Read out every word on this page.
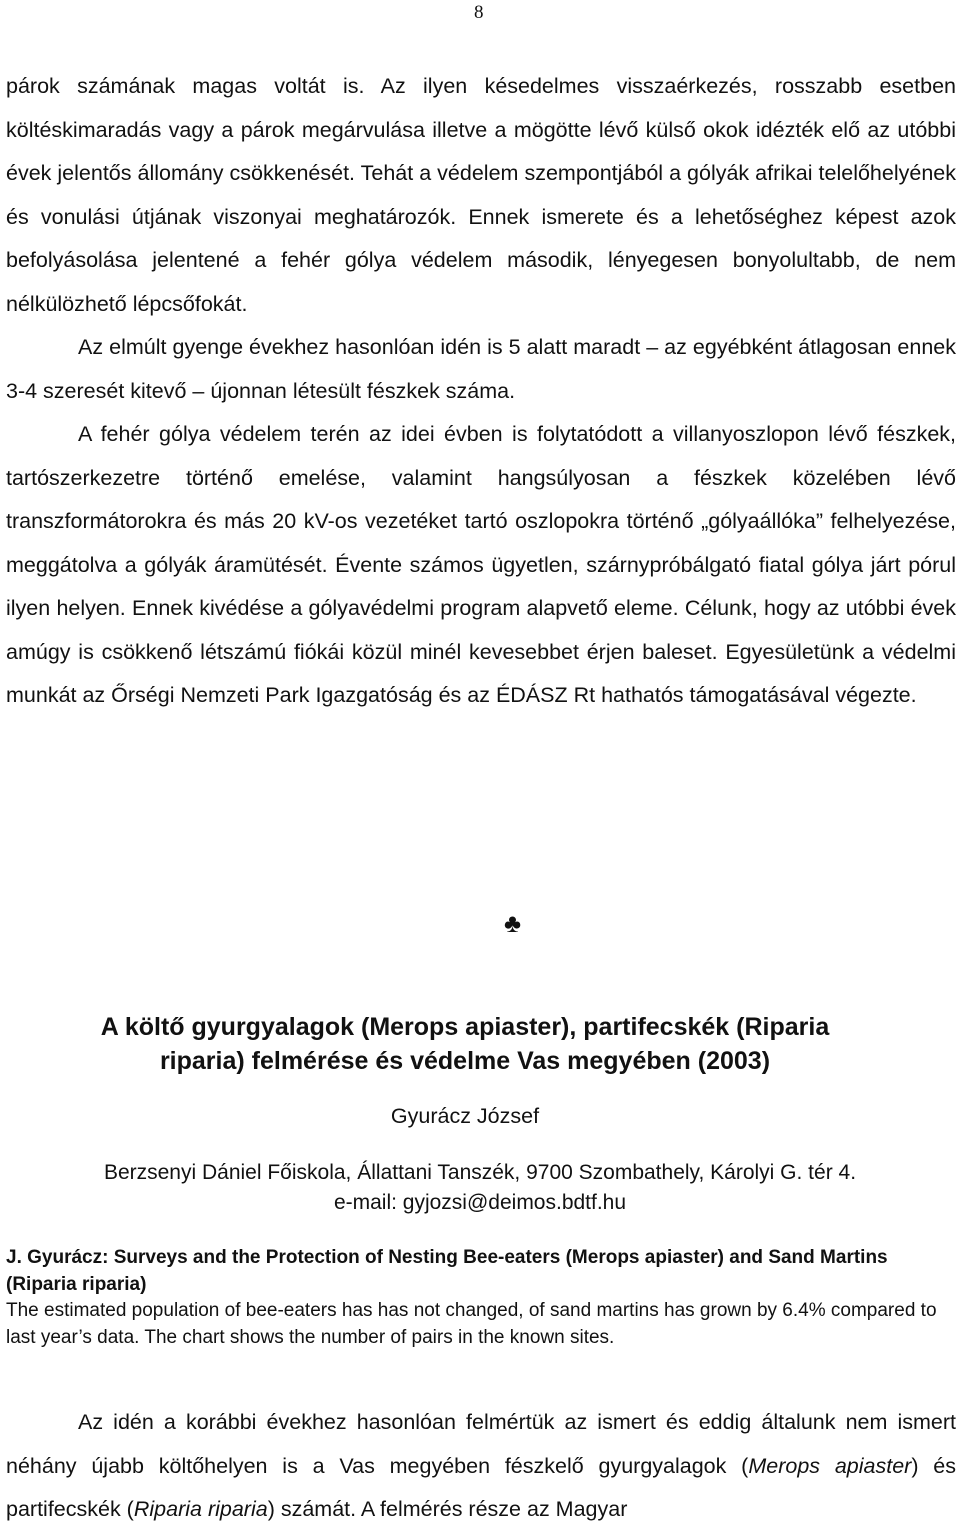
8

párok számának magas voltát is. Az ilyen késedelmes visszaérkezés, rosszabb esetben költéskimaradás vagy a párok megárvulása illetve a mögötte lévő külső okok idézték elő az utóbbi évek jelentős állomány csökkenését. Tehát a védelem szempontjából a gólyák afrikai telelőhelyének és vonulási útjának viszonyai meghatározók. Ennek ismerete és a lehetőséghez képest azok befolyásolása jelentené a fehér gólya védelem második, lényegesen bonyolultabb, de nem nélkülözhető lépcsőfokát.

Az elmúlt gyenge évekhez hasonlóan idén is 5 alatt maradt – az egyébként átlagosan ennek 3-4 szeresét kitevő – újonnan létesült fészkek száma.

A fehér gólya védelem terén az idei évben is folytatódott a villanyoszlopon lévő fészkek, tartószerkezetre történő emelése, valamint hangsúlyosan a fészkek közelében lévő transzformátorokra és más 20 kV-os vezetéket tartó oszlopokra történő „gólyaállóka” felhelyezése, meggátolva a gólyák áramütését. Évente számos ügyetlen, szárnypróbálgató fiatal gólya járt pórul ilyen helyen. Ennek kivédése a gólyavédelmi program alapvető eleme. Célunk, hogy az utóbbi évek amúgy is csökkenő létszámú fiókái közül minél kevesebbet érjen baleset. Egyesületünk a védelmi munkát az Őrségi Nemzeti Park Igazgatóság és az ÉDÁSZ Rt hathatós támogatásával végezte.

♣
A költő gyurgyalagok (Merops apiaster), partifecskék (Riparia
riparia) felmérése és védelme Vas megyében (2003)
Gyurácz József
Berzsenyi Dániel Főiskola, Állattani Tanszék, 9700 Szombathely, Károlyi G. tér 4.
e-mail: gyjozsi@deimos.bdtf.hu
J. Gyurácz: Surveys and the Protection of Nesting Bee-eaters (Merops apiaster) and Sand Martins (Riparia riparia)
The estimated population of bee-eaters has has not changed, of sand martins has grown by 6.4% compared to last year’s data. The chart shows the number of pairs in the known sites.

Az idén a korábbi évekhez hasonlóan felmértük az ismert és eddig általunk nem ismert néhány újabb költőhelyen is a Vas megyében fészkelő gyurgyalagok (Merops apiaster) és partifecskék (Riparia riparia) számát. A felmérés része az Magyar
